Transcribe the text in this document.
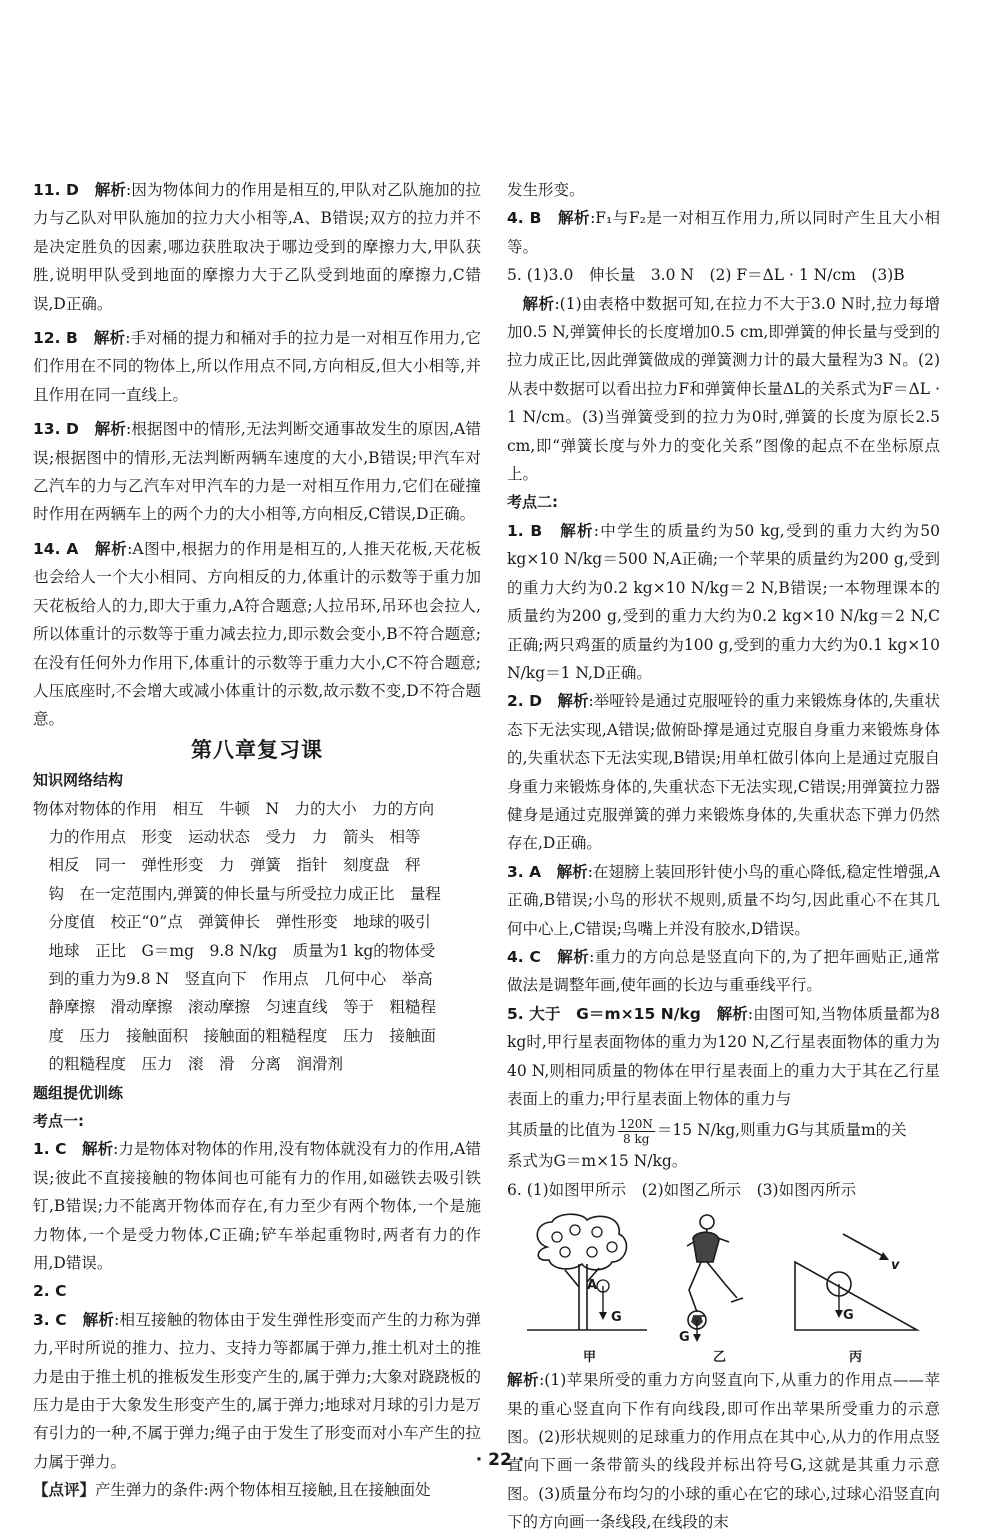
11. D　 解析:因为物体间力的作用是相互的,甲队对乙队施加的拉力与乙队对甲队施加的拉力大小相等,A、B错误;双方的拉力并不是决定胜负的因素,哪边获胜取决于哪边受到的摩擦力大,甲队获胜,说明甲队受到地面的摩擦力大于乙队受到地面的摩擦力,C错误,D正确。

12. B　 解析:手对桶的提力和桶对手的拉力是一对相互作用力,它们作用在不同的物体上,所以作用点不同,方向相反,但大小相等,并且作用在同一直线上。

13. D　 解析:根据图中的情形,无法判断交通事故发生的原因,A错误;根据图中的情形,无法判断两辆车速度的大小,B错误;甲汽车对乙汽车的力与乙汽车对甲汽车的力是一对相互作用力,它们在碰撞时作用在两辆车上的两个力的大小相等,方向相反,C错误,D正确。

14. A　 解析:A图中,根据力的作用是相互的,人推天花板,天花板也会给人一个大小相同、方向相反的力,体重计的示数等于重力加天花板给人的力,即大于重力,A符合题意;人拉吊环,吊环也会拉人,所以体重计的示数等于重力减去拉力,即示数会变小,B不符合题意;在没有任何外力作用下,体重计的示数等于重力大小,C不符合题意;人压底座时,不会增大或减小体重计的示数,故示数不变,D不符合题意。

第八章复习课

知识网络结构

物体对物体的作用　相互　牛顿　N　力的大小　力的方向

　力的作用点　形变　运动状态　受力　力　箭头　相等

　相反　同一　弹性形变　力　弹簧　指针　刻度盘　秤

　钩　在一定范围内,弹簧的伸长量与所受拉力成正比　量程

　分度值　校正“0”点　弹簧伸长　弹性形变　地球的吸引

　地球　正比　G＝mg　9.8 N/kg　质量为1 kg的物体受

　到的重力为9.8 N　竖直向下　作用点　几何中心　举高

　静摩擦　滑动摩擦　滚动摩擦　匀速直线　等于　粗糙程

　度　压力　接触面积　接触面的粗糙程度　压力　接触面

　的粗糙程度　压力　滚　滑　分离　润滑剂

题组提优训练

考点一:

1. C　 解析:力是物体对物体的作用,没有物体就没有力的作用,A错误;彼此不直接接触的物体间也可能有力的作用,如磁铁去吸引铁钉,B错误;力不能离开物体而存在,有力至少有两个物体,一个是施力物体,一个是受力物体,C正确;铲车举起重物时,两者有力的作用,D错误。

2. C

3. C　 解析:相互接触的物体由于发生弹性形变而产生的力称为弹力,平时所说的推力、拉力、支持力等都属于弹力,推土机对土的推力是由于推土机的推板发生形变产生的,属于弹力;大象对跷跷板的压力是由于大象发生形变产生的,属于弹力;地球对月球的引力是万有引力的一种,不属于弹力;绳子由于发生了形变而对小车产生的拉力属于弹力。

【点评】产生弹力的条件:两个物体相互接触,且在接触面处

发生形变。

4. B　 解析:F₁与F₂是一对相互作用力,所以同时产生且大小相等。

5. (1)3.0　伸长量　3.0 N　(2) F＝ΔL · 1 N/cm　(3)B

解析:(1)由表格中数据可知,在拉力不大于3.0 N时,拉力每增加0.5 N,弹簧伸长的长度增加0.5 cm,即弹簧的伸长量与受到的拉力成正比,因此弹簧做成的弹簧测力计的最大量程为3 N。(2)从表中数据可以看出拉力F和弹簧伸长量ΔL的关系式为F＝ΔL · 1 N/cm。(3)当弹簧受到的拉力为0时,弹簧的长度为原长2.5 cm,即“弹簧长度与外力的变化关系”图像的起点不在坐标原点上。

考点二:

1. B　 解析:中学生的质量约为50 kg,受到的重力大约为50 kg×10 N/kg＝500 N,A正确;一个苹果的质量约为200 g,受到的重力大约为0.2 kg×10 N/kg＝2 N,B错误;一本物理课本的质量约为200 g,受到的重力大约为0.2 kg×10 N/kg＝2 N,C正确;两只鸡蛋的质量约为100 g,受到的重力大约为0.1 kg×10 N/kg＝1 N,D正确。

2. D　 解析:举哑铃是通过克服哑铃的重力来锻炼身体的,失重状态下无法实现,A错误;做俯卧撑是通过克服自身重力来锻炼身体的,失重状态下无法实现,B错误;用单杠做引体向上是通过克服自身重力来锻炼身体的,失重状态下无法实现,C错误;用弹簧拉力器健身是通过克服弹簧的弹力来锻炼身体的,失重状态下弹力仍然存在,D正确。

3. A　 解析:在翅膀上装回形针使小鸟的重心降低,稳定性增强,A正确,B错误;小鸟的形状不规则,质量不均匀,因此重心不在其几何中心上,C错误;鸟嘴上并没有胶水,D错误。

4. C　 解析:重力的方向总是竖直向下的,为了把年画贴正,通常做法是调整年画,使年画的长边与重垂线平行。

5. 大于　G＝m×15 N/kg　 解析:由图可知,当物体质量都为8 kg时,甲行星表面物体的重力为120 N,乙行星表面物体的重力为40 N,则相同质量的物体在甲行星表面上的重力大于其在乙行星表面上的重力;甲行星表面上物体的重力与

其质量的比值为 $\frac{120N}{8 kg} =15$ N/kg,则重力G与其质量m的关

系式为G＝m×15 N/kg。

6. (1)如图甲所示　(2)如图乙所示　(3)如图丙所示

A
G
甲
G
乙
v
G
丙

解析:(1)苹果所受的重力方向竖直向下,从重力的作用点——苹果的重心竖直向下作有向线段,即可作出苹果所受重力的示意图。(2)形状规则的足球重力的作用点在其中心,从力的作用点竖直向下画一条带箭头的线段并标出符号G,这就是其重力示意图。(3)质量分布均匀的小球的重心在它的球心,过球心沿竖直向下的方向画一条线段,在线段的末

· 22 ·
